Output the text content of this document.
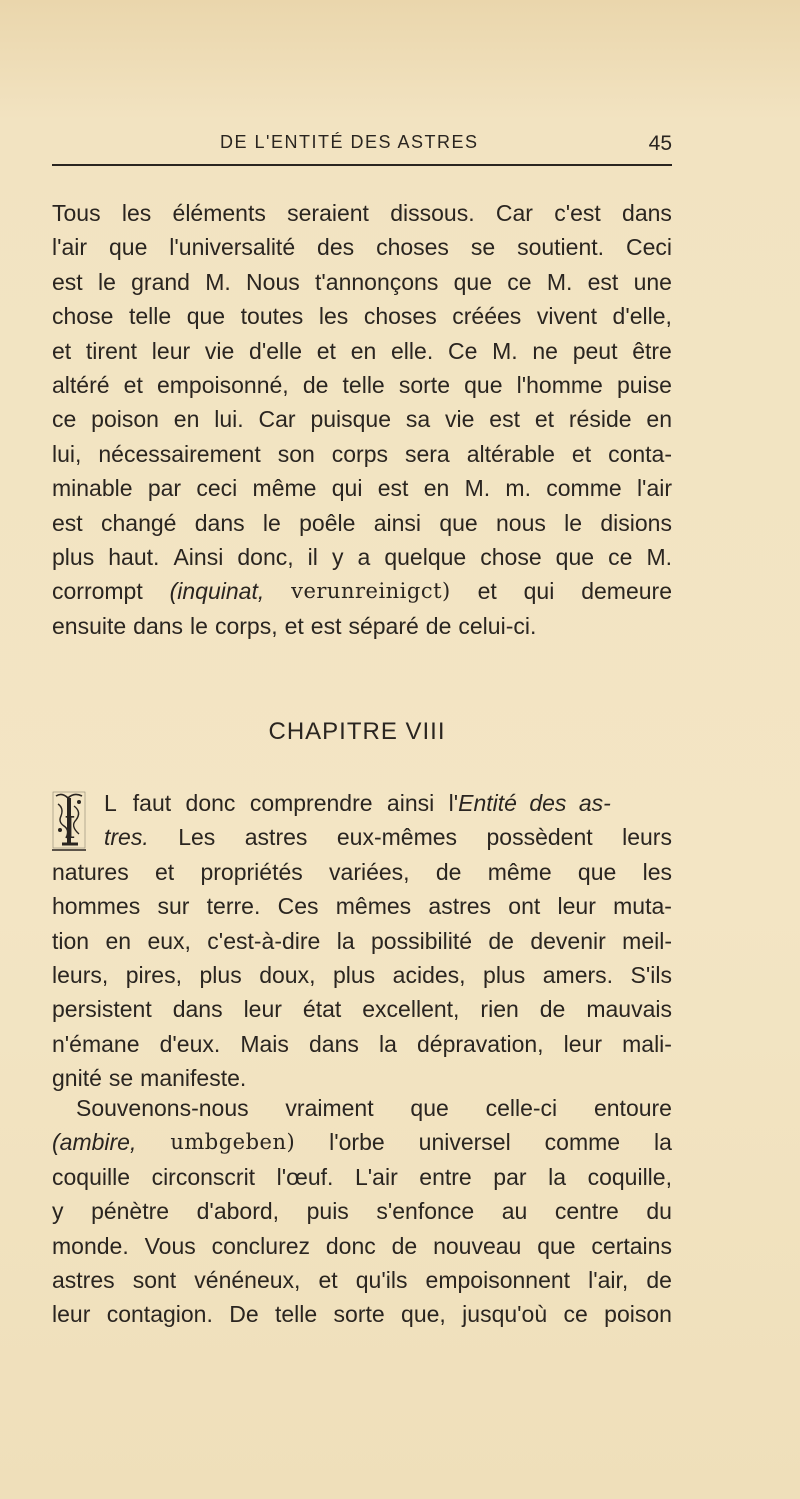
DE L'ENTITÉ DES ASTRES	45
Tous les éléments seraient dissous. Car c'est dans
l'air que l'universalité des choses se soutient. Ceci
est le grand M. Nous t'annonçons que ce M. est une
chose telle que toutes les choses créées vivent d'elle,
et tirent leur vie d'elle et en elle. Ce M. ne peut être
altéré et empoisonné, de telle sorte que l'homme puise
ce poison en lui. Car puisque sa vie est et réside en
lui, nécessairement son corps sera altérable et conta-
minable par ceci même qui est en M. m. comme l'air
est changé dans le poêle ainsi que nous le disions
plus haut. Ainsi donc, il y a quelque chose que ce M.
corrompt (inquinat, verunreinigct) et qui demeure
ensuite dans le corps, et est séparé de celui-ci.
CHAPITRE VIII
I
L faut donc comprendre ainsi l' Entité des as-
tres. Les astres eux-mêmes possèdent leurs
natures et propriétés variées, de même que les
hommes sur terre. Ces mêmes astres ont leur muta-
tion en eux, c'est-à-dire la possibilité de devenir meil-
leurs, pires, plus doux, plus acides, plus amers. S'ils
persistent dans leur état excellent, rien de mauvais
n'émane d'eux. Mais dans la dépravation, leur mali-
gnité se manifeste.
Souvenons-nous vraiment que celle-ci entoure
(ambire, umbgeben) l'orbe universel comme la
coquille circonscrit l'œuf. L'air entre par la coquille,
y pénètre d'abord, puis s'enfonce au centre du
monde. Vous conclurez donc de nouveau que certains
astres sont vénéneux, et qu'ils empoisonnent l'air, de
leur contagion. De telle sorte que, jusqu'où ce poison
